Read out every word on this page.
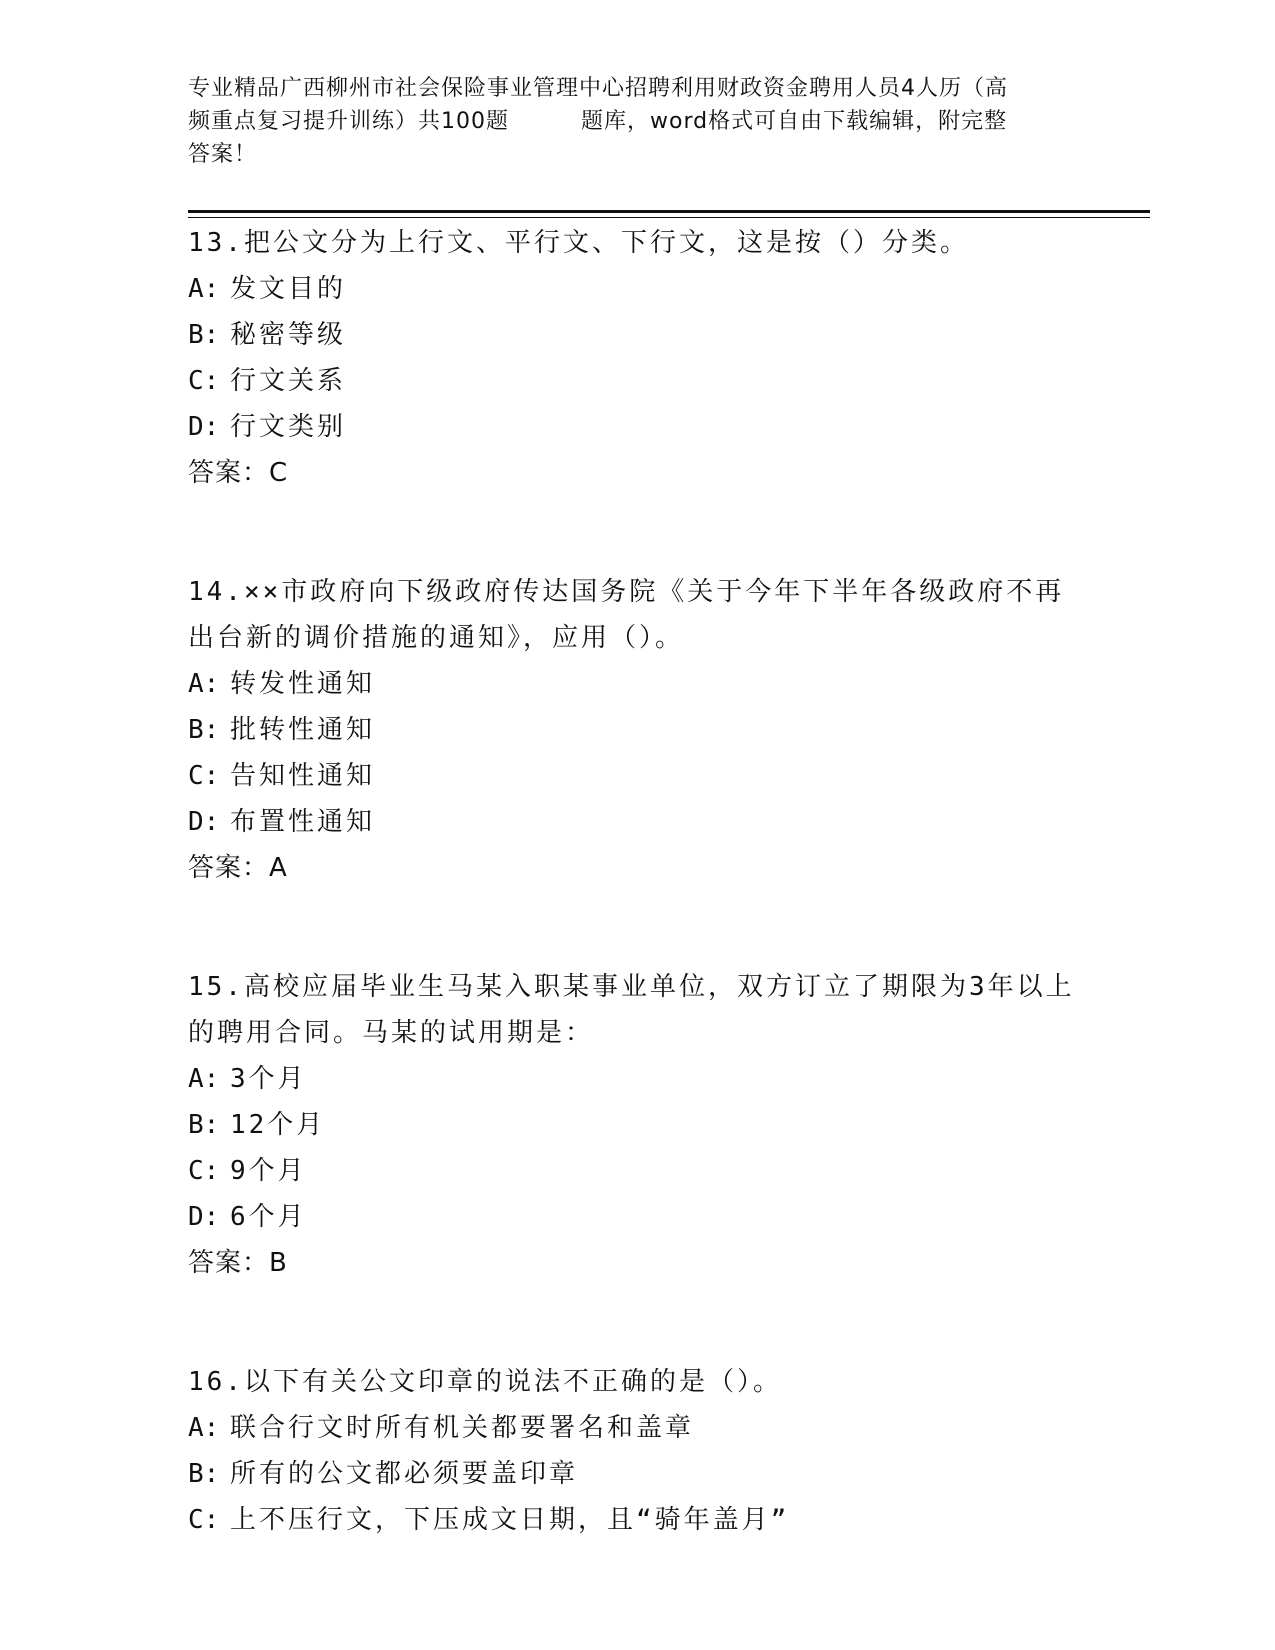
专业精品广西柳州市社会保险事业管理中心招聘利用财政资金聘用人员4人历（高
频重点复习提升训练）共100题	题库，word格式可自由下载编辑，附完整
答案！
13.把公文分为上行文、平行文、下行文，这是按（）分类。
A: 发文目的
B: 秘密等级
C: 行文关系
D: 行文类别
答案：C
14.××市政府向下级政府传达国务院《关于今年下半年各级政府不再
出台新的调价措施的通知》，应用（）。
A: 转发性通知
B: 批转性通知
C: 告知性通知
D: 布置性通知
答案：A
15.高校应届毕业生马某入职某事业单位，双方订立了期限为3年以上
的聘用合同。马某的试用期是：
A: 3个月
B: 12个月
C: 9个月
D: 6个月
答案：B
16.以下有关公文印章的说法不正确的是（）。
A: 联合行文时所有机关都要署名和盖章
B: 所有的公文都必须要盖印章
C: 上不压行文，下压成文日期，且“骑年盖月”
